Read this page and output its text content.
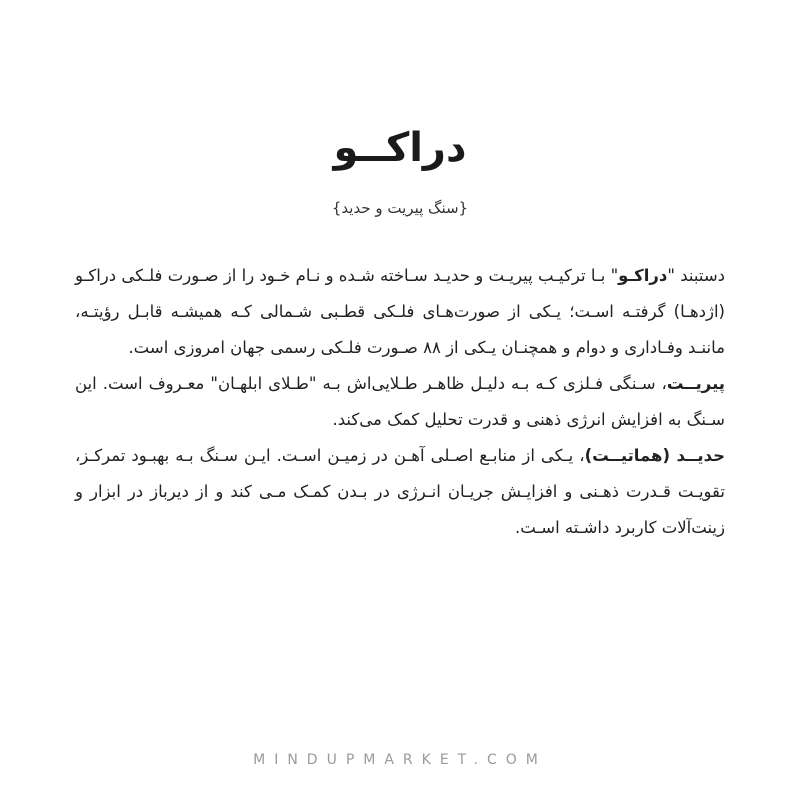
دراکــو
{سنگ پیریت و حدید}

دستبند "دراکـو" بـا ترکیـب پیریـت و حدیـد سـاخته شـده و نـام خـود را از صـورت فلـکی دراکـو (اژدهـا) گرفتـه اسـت؛ یـکی از صورت‌هـای فلـکی قطـبی شـمالی کـه همیشـه قابـل رؤیتـه، ماننـد وفـاداری و دوام و همچنـان یـکی از ۸۸ صـورت فلـکی رسمی جهان امروزی است.

پیریــت، سـنگی فـلزی کـه بـه دلیـل ظاهـر طـلایی‌اش بـه "طـلای ابلهـان" معـروف است. این سـنگ به افزایش انرژی ذهنی و قدرت تحلیل کمک می‌کند.

حدیــد (هماتیــت)، یـکی از منابـع اصـلی آهـن در زمیـن اسـت. ایـن سـنگ بـه بهبـود تمرکـز، تقویـت قـدرت ذهـنی و افزایـش جریـان انـرژی در بـدن کمـک مـی کند و از دیرباز در ابزار و زینت‌آلات کاربرد داشـته اسـت.

MINDUPMARKET.COM
